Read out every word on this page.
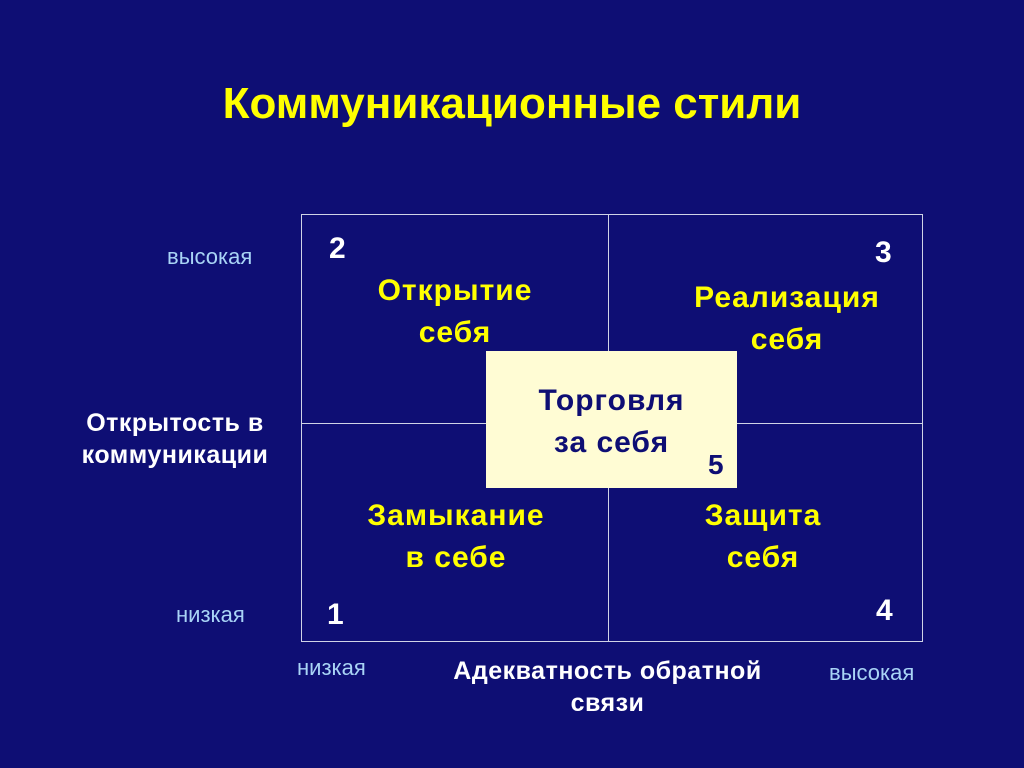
Коммуникационные стили
высокая
Открытость в
коммуникации
низкая
2
Открытие
себя
3
Реализация
себя
Замыкание
в себе
1
Защита
себя
4
Торговля
за себя
5
низкая	Адекватность обратной
связи
высокая
